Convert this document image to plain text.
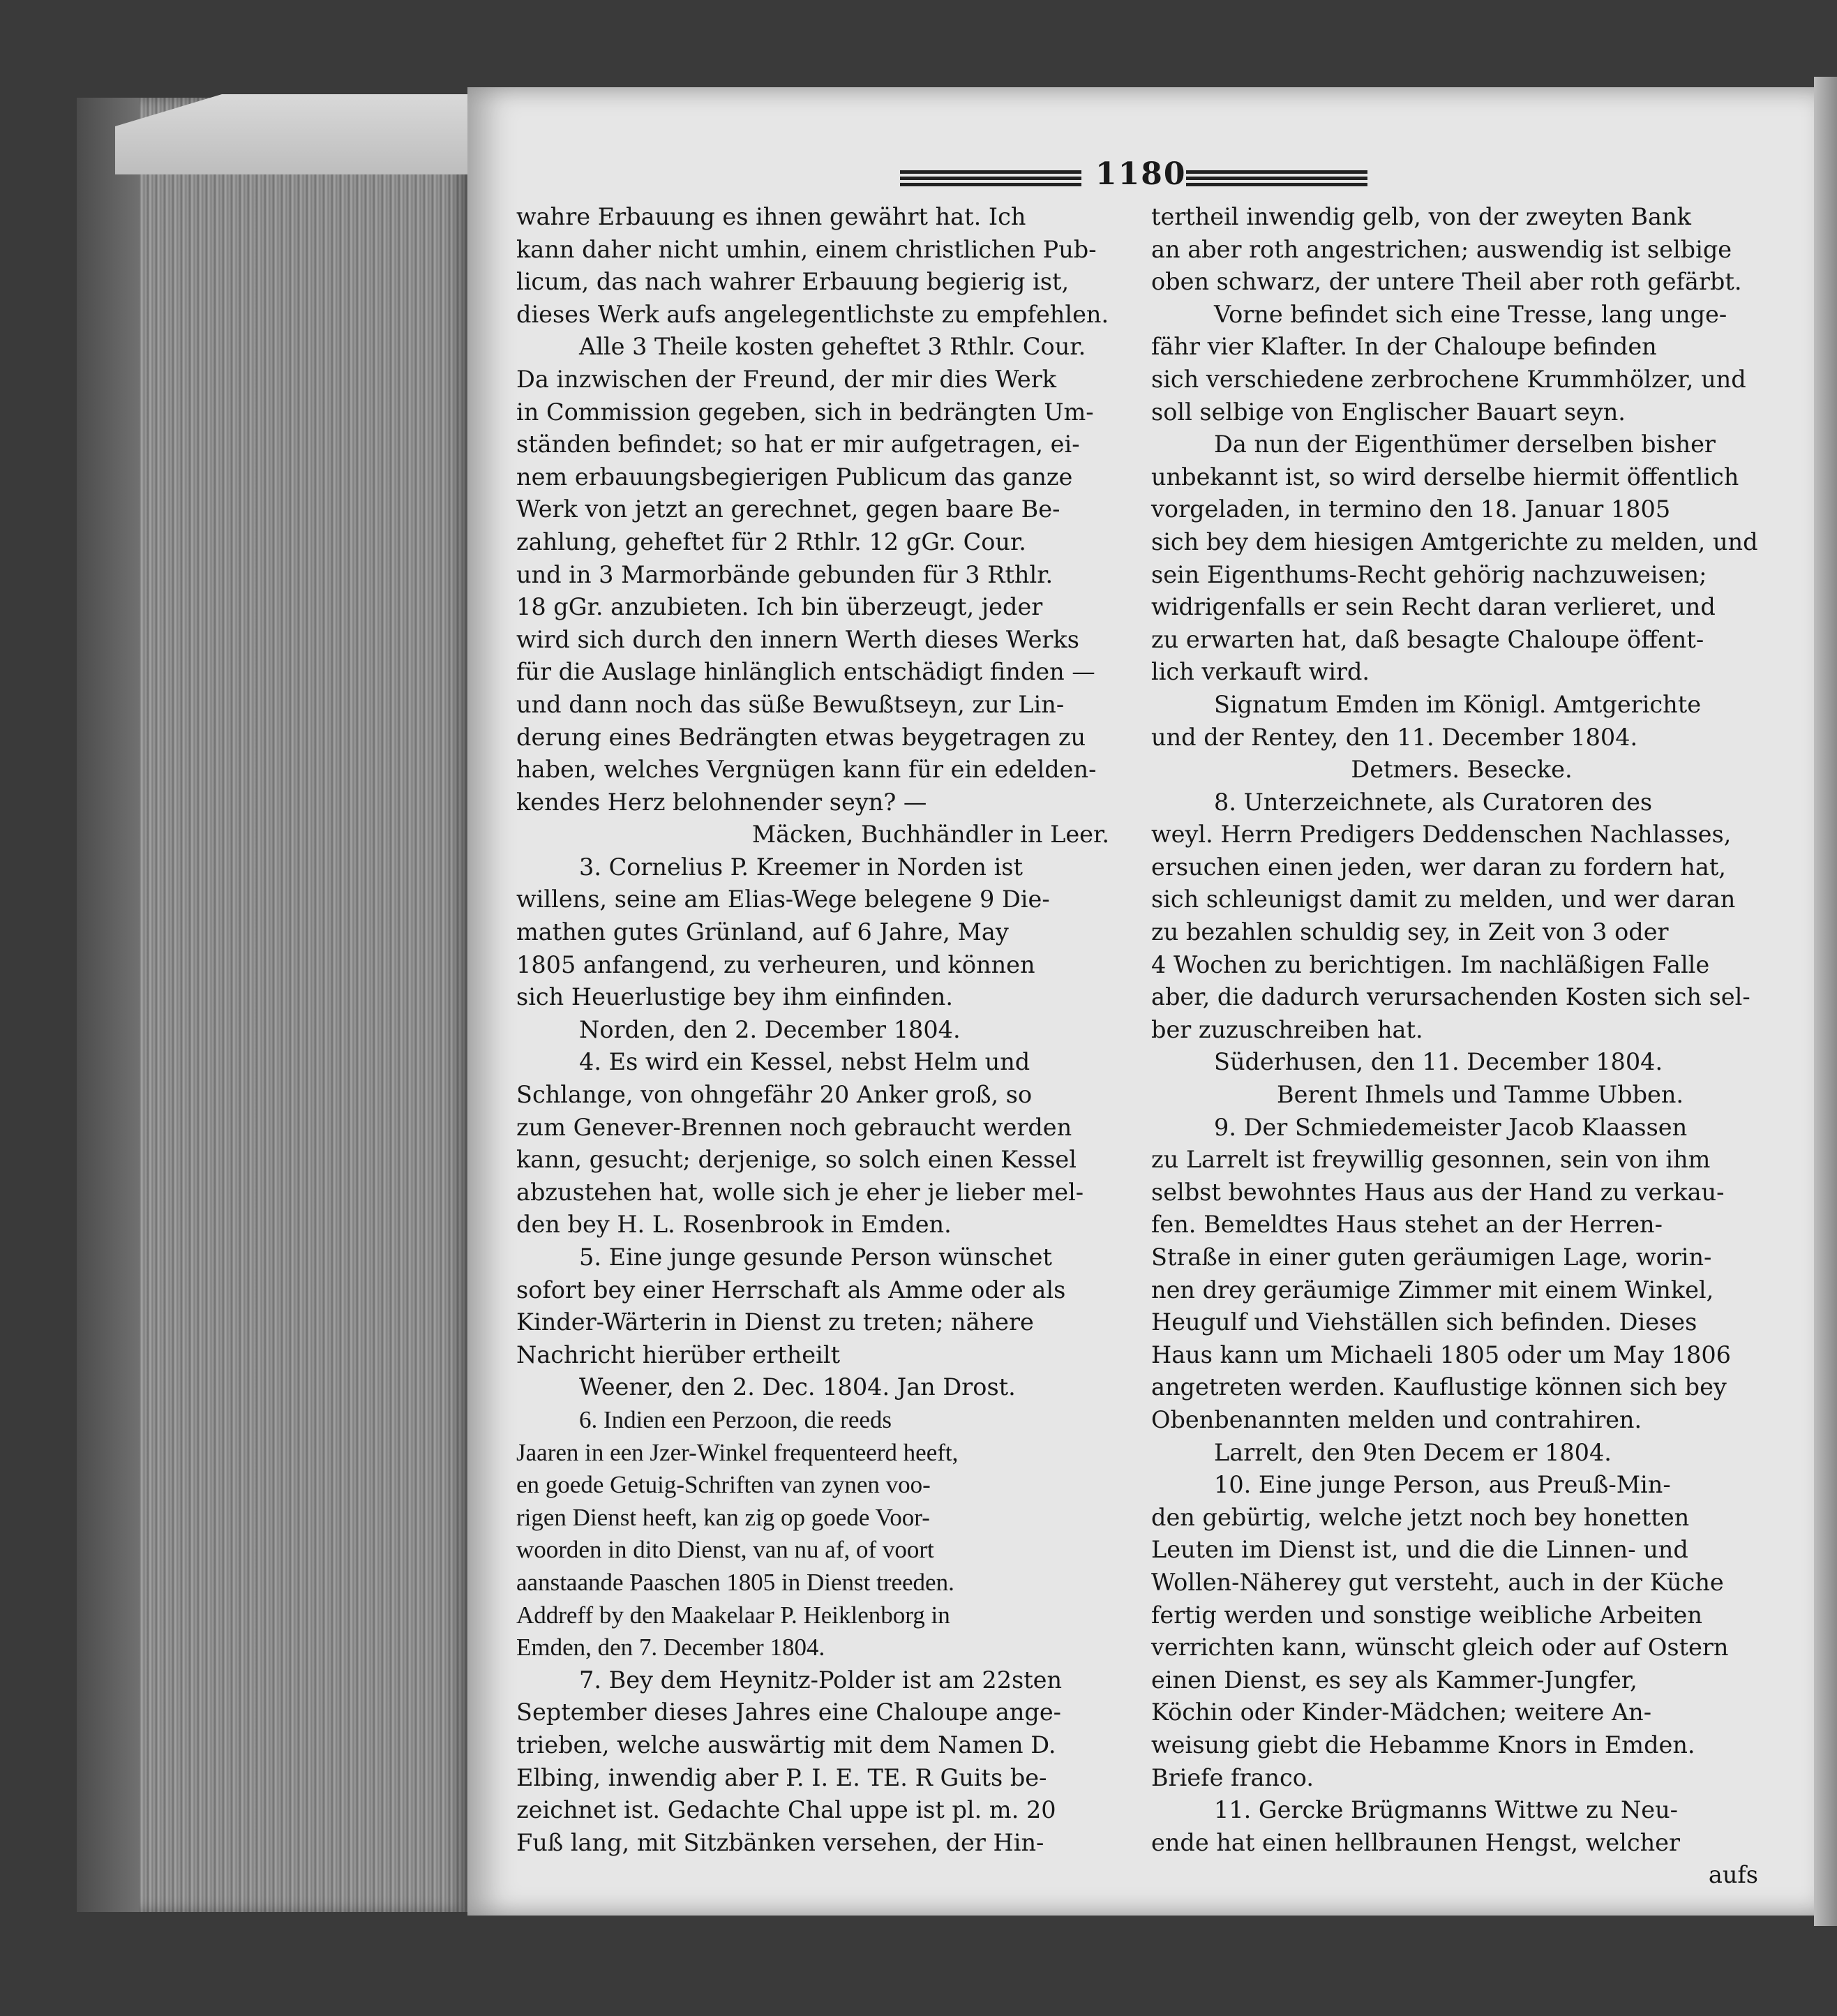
1180
wahre Erbauung es ihnen gewährt hat. Ich
kann daher nicht umhin, einem christlichen Pub-
licum, das nach wahrer Erbauung begierig ist,
dieses Werk aufs angelegentlichste zu empfehlen.
Alle 3 Theile kosten geheftet 3 Rthlr. Cour.
Da inzwischen der Freund, der mir dies Werk
in Commission gegeben, sich in bedrängten Um-
ständen befindet; so hat er mir aufgetragen, ei-
nem erbauungsbegierigen Publicum das ganze
Werk von jetzt an gerechnet, gegen baare Be-
zahlung, geheftet für 2 Rthlr. 12 gGr. Cour.
und in 3 Marmorbände gebunden für 3 Rthlr.
18 gGr. anzubieten. Ich bin überzeugt, jeder
wird sich durch den innern Werth dieses Werks
für die Auslage hinlänglich entschädigt finden —
und dann noch das süße Bewußtseyn, zur Lin-
derung eines Bedrängten etwas beygetragen zu
haben, welches Vergnügen kann für ein edelden-
kendes Herz belohnender seyn? —
Mäcken, Buchhändler in Leer.
3. Cornelius P. Kreemer in Norden ist
willens, seine am Elias-Wege belegene 9 Die-
mathen gutes Grünland, auf 6 Jahre, May
1805 anfangend, zu verheuren, und können
sich Heuerlustige bey ihm einfinden.
Norden, den 2. December 1804.
4. Es wird ein Kessel, nebst Helm und
Schlange, von ohngefähr 20 Anker groß, so
zum Genever-Brennen noch gebraucht werden
kann, gesucht; derjenige, so solch einen Kessel
abzustehen hat, wolle sich je eher je lieber mel-
den bey H. L. Rosenbrook in Emden.
5. Eine junge gesunde Person wünschet
sofort bey einer Herrschaft als Amme oder als
Kinder-Wärterin in Dienst zu treten; nähere
Nachricht hierüber ertheilt
Weener, den 2. Dec. 1804. Jan Drost.
6. Indien een Perzoon, die reeds
Jaaren in een Jzer-Winkel frequenteerd heeft,
en goede Getuig-Schriften van zynen voo-
rigen Dienst heeft, kan zig op goede Voor-
woorden in dito Dienst, van nu af, of voort
aanstaande Paaschen 1805 in Dienst treeden.
Addreff by den Maakelaar P. Heiklenborg in
Emden, den 7. December 1804.
7. Bey dem Heynitz-Polder ist am 22sten
September dieses Jahres eine Chaloupe ange-
trieben, welche auswärtig mit dem Namen D.
Elbing, inwendig aber P. I. E. TE. R Guits be-
zeichnet ist. Gedachte Chal uppe ist pl. m. 20
Fuß lang, mit Sitzbänken versehen, der Hin-
tertheil inwendig gelb, von der zweyten Bank
an aber roth angestrichen; auswendig ist selbige
oben schwarz, der untere Theil aber roth gefärbt.
Vorne befindet sich eine Tresse, lang unge-
fähr vier Klafter. In der Chaloupe befinden
sich verschiedene zerbrochene Krummhölzer, und
soll selbige von Englischer Bauart seyn.
Da nun der Eigenthümer derselben bisher
unbekannt ist, so wird derselbe hiermit öffentlich
vorgeladen, in termino den 18. Januar 1805
sich bey dem hiesigen Amtgerichte zu melden, und
sein Eigenthums-Recht gehörig nachzuweisen;
widrigenfalls er sein Recht daran verlieret, und
zu erwarten hat, daß besagte Chaloupe öffent-
lich verkauft wird.
Signatum Emden im Königl. Amtgerichte
und der Rentey, den 11. December 1804.
Detmers. Besecke.
8. Unterzeichnete, als Curatoren des
weyl. Herrn Predigers Deddenschen Nachlasses,
ersuchen einen jeden, wer daran zu fordern hat,
sich schleunigst damit zu melden, und wer daran
zu bezahlen schuldig sey, in Zeit von 3 oder
4 Wochen zu berichtigen. Im nachläßigen Falle
aber, die dadurch verursachenden Kosten sich sel-
ber zuzuschreiben hat.
Süderhusen, den 11. December 1804.
Berent Ihmels und Tamme Ubben.
9. Der Schmiedemeister Jacob Klaassen
zu Larrelt ist freywillig gesonnen, sein von ihm
selbst bewohntes Haus aus der Hand zu verkau-
fen. Bemeldtes Haus stehet an der Herren-
Straße in einer guten geräumigen Lage, worin-
nen drey geräumige Zimmer mit einem Winkel,
Heugulf und Viehställen sich befinden. Dieses
Haus kann um Michaeli 1805 oder um May 1806
angetreten werden. Kauflustige können sich bey
Obenbenannten melden und contrahiren.
Larrelt, den 9ten Decem er 1804.
10. Eine junge Person, aus Preuß-Min-
den gebürtig, welche jetzt noch bey honetten
Leuten im Dienst ist, und die die Linnen- und
Wollen-Näherey gut versteht, auch in der Küche
fertig werden und sonstige weibliche Arbeiten
verrichten kann, wünscht gleich oder auf Ostern
einen Dienst, es sey als Kammer-Jungfer,
Köchin oder Kinder-Mädchen; weitere An-
weisung giebt die Hebamme Knors in Emden.
Briefe franco.
11. Gercke Brügmanns Wittwe zu Neu-
ende hat einen hellbraunen Hengst, welcher
aufs
